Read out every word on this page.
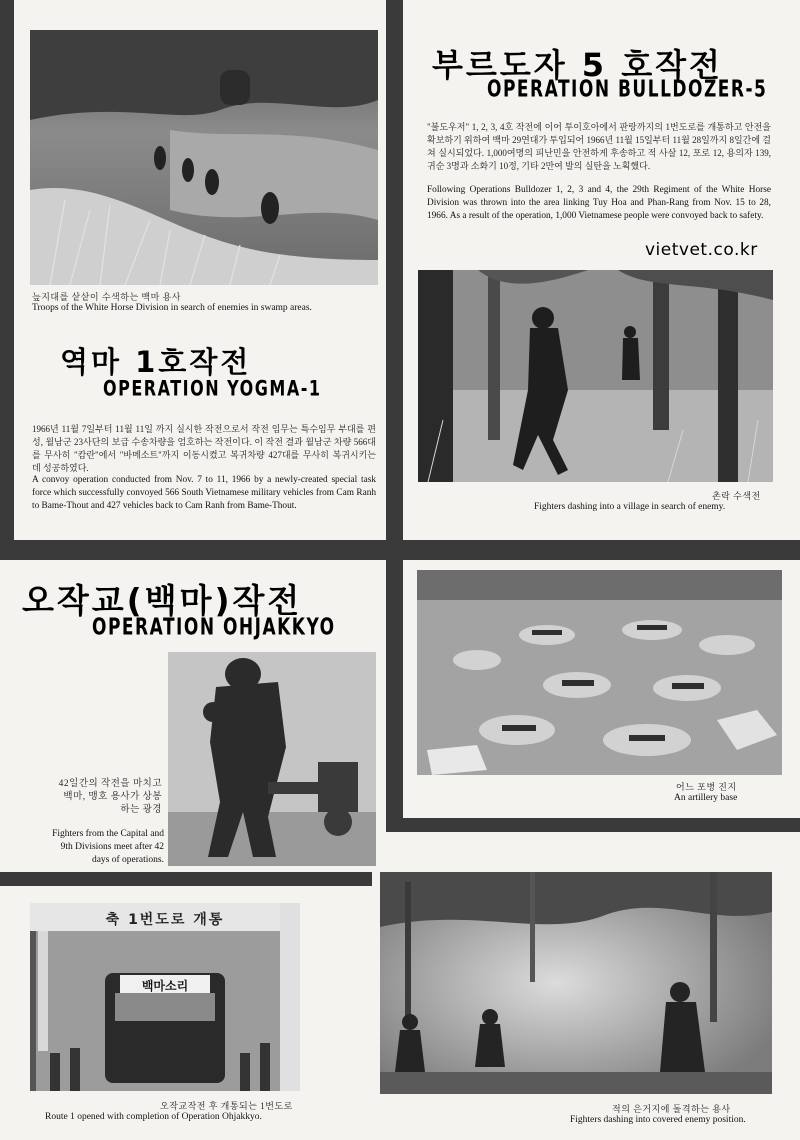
늪지대를 샅샅이 수색하는 백마 용사
Troops of the White Horse Division in search of enemies in swamp areas.
역마 1호작전
OPERATION YOGMA-1
1966년 11월 7일부터 11월 11일 까지 실시한 작전으로서 작전 임무는 특수임무 부대를 편성, 월남군 23사단의 보급 수송차량을 엄호하는 작전이다. 이 작전 결과 월남군 차량 566대를 무사히 "캄란"에서 "바메소트"까지 이동시켰고 복귀차량 427대를 무사히 복귀시키는 데 성공하였다.
A convoy operation conducted from Nov. 7 to 11, 1966 by a newly-created special task force which successfully convoyed 566 South Vietnamese military vehicles from Cam Ranh to Bame-Thout and 427 vehicles back to Cam Ranh from Bame-Thout.
부르도자 5 호작전
OPERATION BULLDOZER-5
"불도우저" 1, 2, 3, 4호 작전에 이어 투이호아에서 판랑까지의 1번도로를 개통하고 안전을 확보하기 위하여 백마 29연대가 투입되어 1966년 11월 15일부터 11월 28일까지 8일간에 걸쳐 실시되었다. 1,000여명의 피난민을 안전하게 후송하고 적 사살 12, 포로 12, 용의자 139, 귀순 3명과 소화기 10정, 기타 2만여 발의 실탄을 노획했다.
Following Operations Bulldozer 1, 2, 3 and 4, the 29th Regiment of the White Horse Division was thrown into the area linking Tuy Hoa and Phan-Rang from Nov. 15 to 28, 1966. As a result of the operation, 1,000 Vietnamese people were convoyed back to safety.
vietvet.co.kr
촌락 수색전
Fighters dashing into a village in search of enemy.
오작교(백마)작전
OPERATION OHJAKKYO
42일간의 작전을 마치고 백마, 맹호 용사가 상봉하는 광경
Fighters from the Capital and 9th Divisions meet after 42 days of operations.
어느 포병 진지
An artillery base
축 1번도로 개통
백마소리
오작교작전 후 개통되는 1번도로
Route 1 opened with completion of Operation Ohjakkyo.
적의 은거지에 돌격하는 용사
Fighters dashing into covered enemy position.
